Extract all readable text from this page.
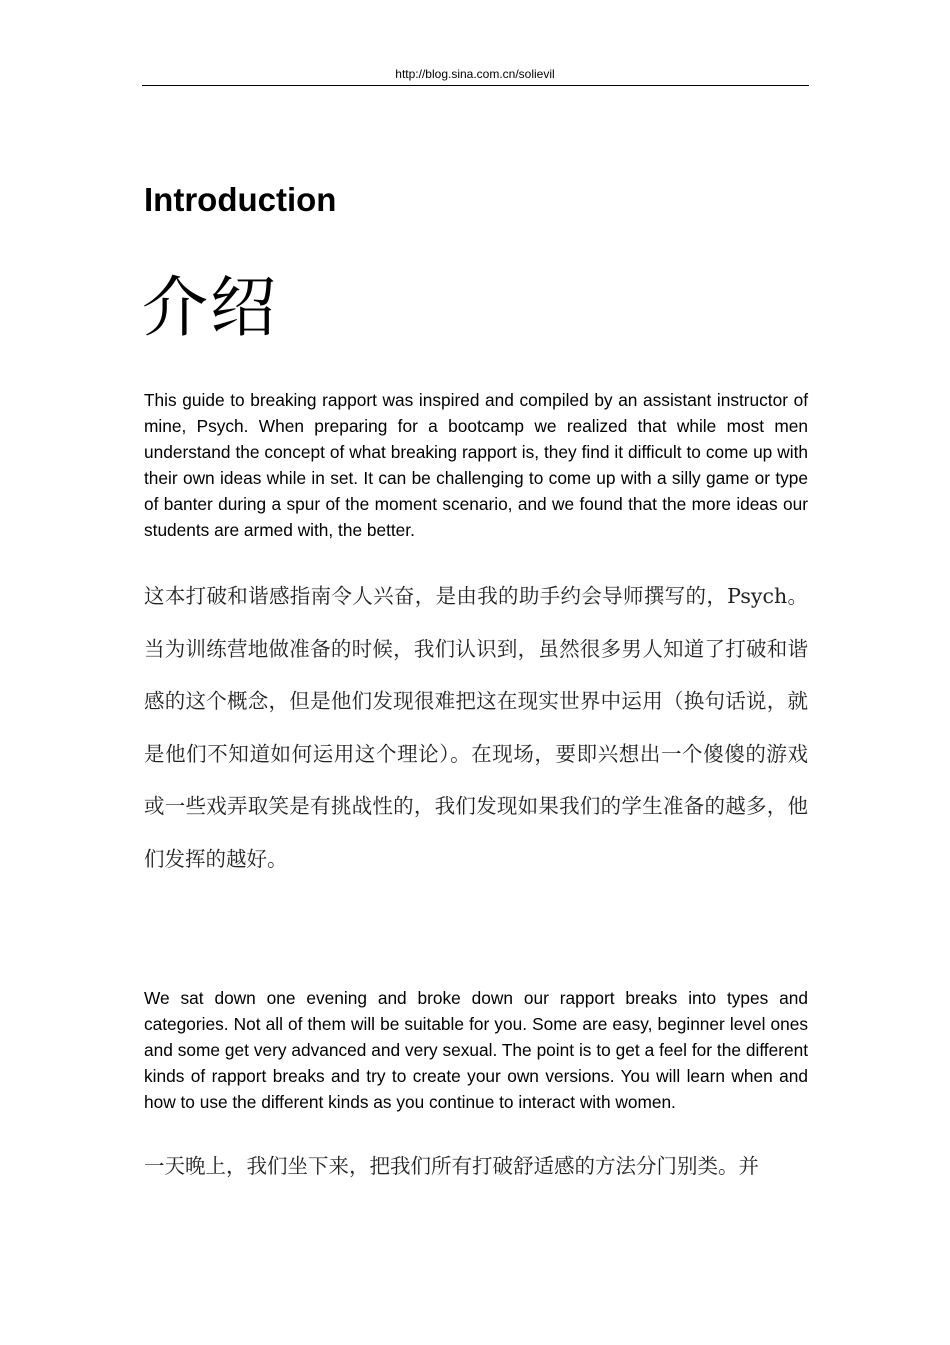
http://blog.sina.com.cn/solievil
Introduction
介绍

This guide to breaking rapport was inspired and compiled by an assistant instructor of mine, Psych. When preparing for a bootcamp we realized that while most men understand the concept of what breaking rapport is, they find it difficult to come up with their own ideas while in set. It can be challenging to come up with a silly game or type of banter during a spur of the moment scenario, and we found that the more ideas our students are armed with, the better.

这本打破和谐感指南令人兴奋，是由我的助手约会导师撰写的，Psych。 当为训练营地做准备的时候，我们认识到，虽然很多男人知道了打破和谐感的这个概念，但是他们发现很难把这在现实世界中运用（换句话说，就是他们不知道如何运用这个理论）。在现场，要即兴想出一个傻傻的游戏或一些戏弄取笑是有挑战性的，我们发现如果我们的学生准备的越多，他们发挥的越好。

We sat down one evening and broke down our rapport breaks into types and categories. Not all of them will be suitable for you. Some are easy, beginner level ones and some get very advanced and very sexual. The point is to get a feel for the different kinds of rapport breaks and try to create your own versions. You will learn when and how to use the different kinds as you continue to interact with women.

一天晚上，我们坐下来，把我们所有打破舒适感的方法分门别类。并
